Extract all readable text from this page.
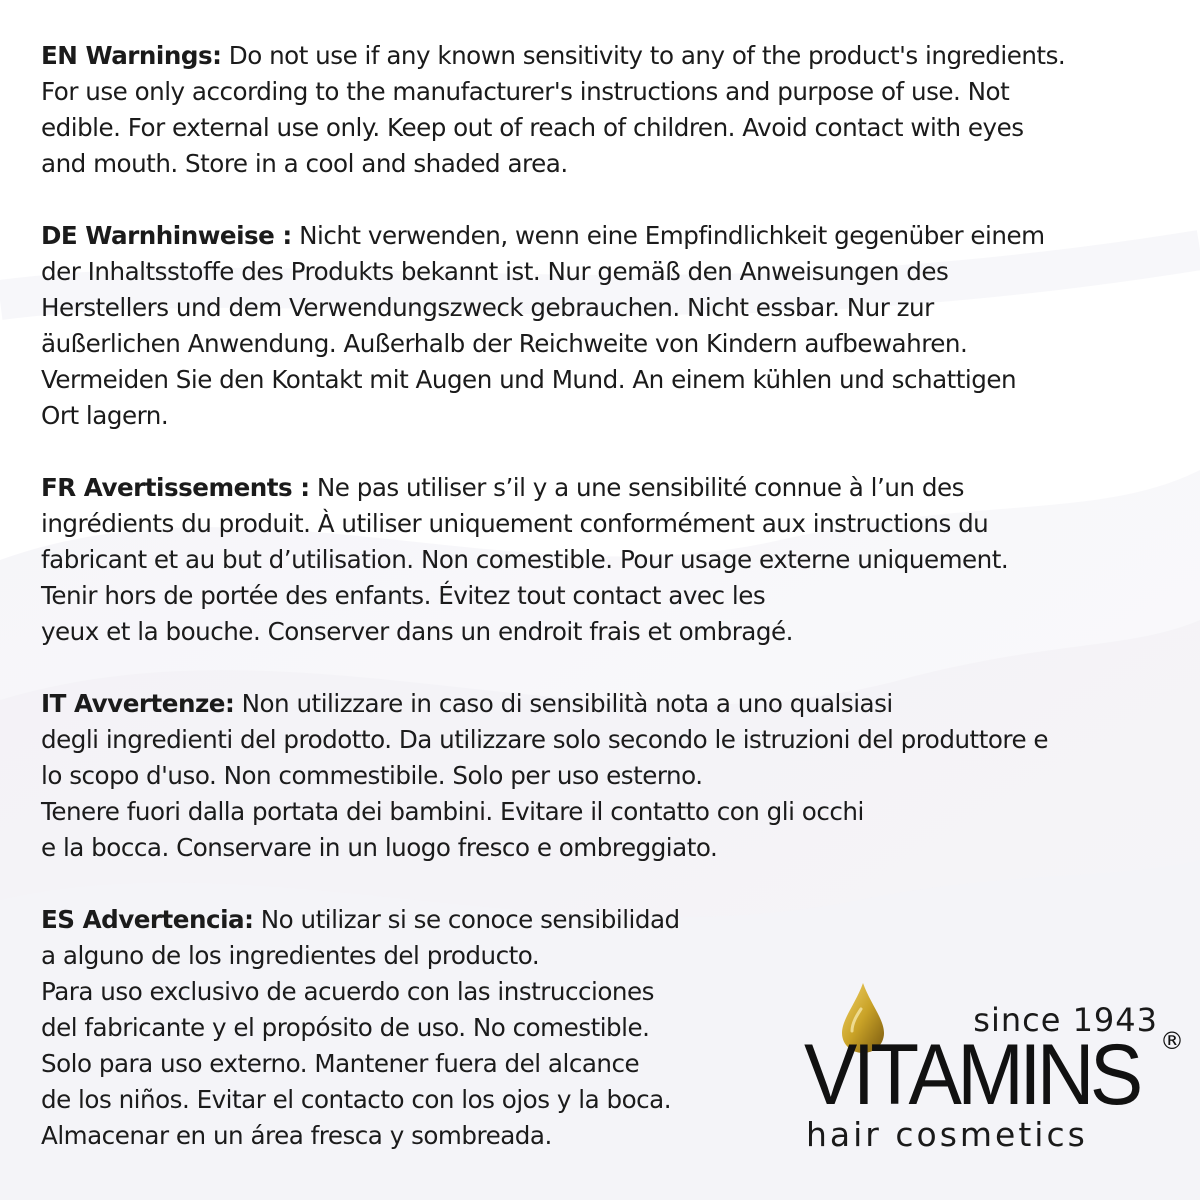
EN Warnings: Do not use if any known sensitivity to any of the product's ingredients.
For use only according to the manufacturer's instructions and purpose of use. Not
edible. For external use only. Keep out of reach of children. Avoid contact with eyes
and mouth. Store in a cool and shaded area.
DE Warnhinweise : Nicht verwenden, wenn eine Empfindlichkeit gegenüber einem
der Inhaltsstoffe des Produkts bekannt ist. Nur gemäß den Anweisungen des
Herstellers und dem Verwendungszweck gebrauchen. Nicht essbar. Nur zur
äußerlichen Anwendung. Außerhalb der Reichweite von Kindern aufbewahren.
Vermeiden Sie den Kontakt mit Augen und Mund. An einem kühlen und schattigen
Ort lagern.
FR Avertissements : Ne pas utiliser s’il y a une sensibilité connue à l’un des
ingrédients du produit. À utiliser uniquement conformément aux instructions du
fabricant et au but d’utilisation. Non comestible. Pour usage externe uniquement.
Tenir hors de portée des enfants. Évitez tout contact avec les
yeux et la bouche. Conserver dans un endroit frais et ombragé.
IT Avvertenze: Non utilizzare in caso di sensibilità nota a uno qualsiasi
degli ingredienti del prodotto. Da utilizzare solo secondo le istruzioni del produttore e
lo scopo d'uso. Non commestibile. Solo per uso esterno.
Tenere fuori dalla portata dei bambini. Evitare il contatto con gli occhi
e la bocca. Conservare in un luogo fresco e ombreggiato.
ES Advertencia: No utilizar si se conoce sensibilidad
a alguno de los ingredientes del producto.
Para uso exclusivo de acuerdo con las instrucciones
del fabricante y el propósito de uso. No comestible.
Solo para uso externo. Mantener fuera del alcance
de los niños. Evitar el contacto con los ojos y la boca.
Almacenar en un área fresca y sombreada.
since 1943
VITAMINS ®
hair cosmetics
